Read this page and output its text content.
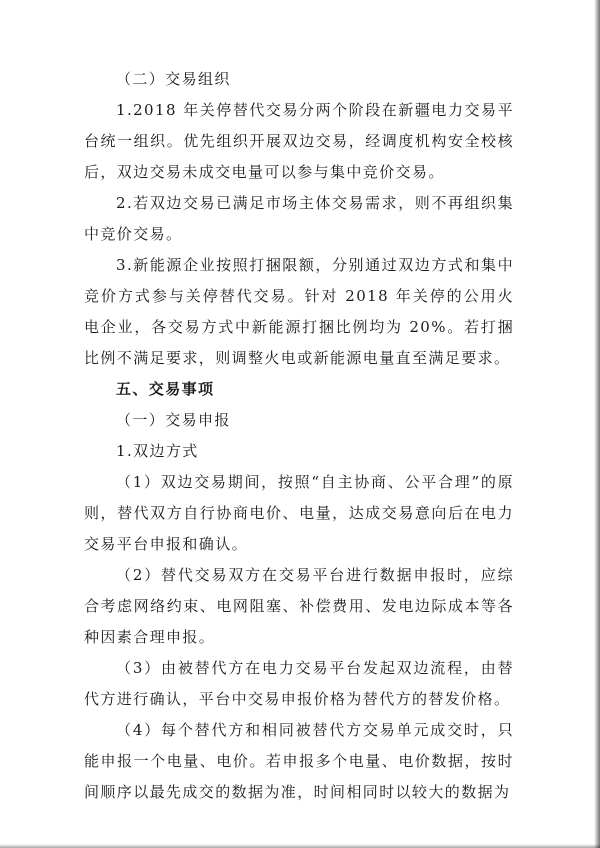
（二）交易组织

1.2018 年关停替代交易分两个阶段在新疆电力交易平台统一组织。优先组织开展双边交易，经调度机构安全校核后，双边交易未成交电量可以参与集中竞价交易。

2.若双边交易已满足市场主体交易需求，则不再组织集中竞价交易。

3.新能源企业按照打捆限额，分别通过双边方式和集中竞价方式参与关停替代交易。针对 2018 年关停的公用火电企业，各交易方式中新能源打捆比例均为 20%。若打捆比例不满足要求，则调整火电或新能源电量直至满足要求。

五、交易事项

（一）交易申报

1.双边方式

（1）双边交易期间，按照“自主协商、公平合理”的原则，替代双方自行协商电价、电量，达成交易意向后在电力交易平台申报和确认。

（2）替代交易双方在交易平台进行数据申报时，应综合考虑网络约束、电网阻塞、补偿费用、发电边际成本等各种因素合理申报。

（3）由被替代方在电力交易平台发起双边流程，由替代方进行确认，平台中交易申报价格为替代方的替发价格。

（4）每个替代方和相同被替代方交易单元成交时，只能申报一个电量、电价。若申报多个电量、电价数据，按时间顺序以最先成交的数据为准，时间相同时以较大的数据为
